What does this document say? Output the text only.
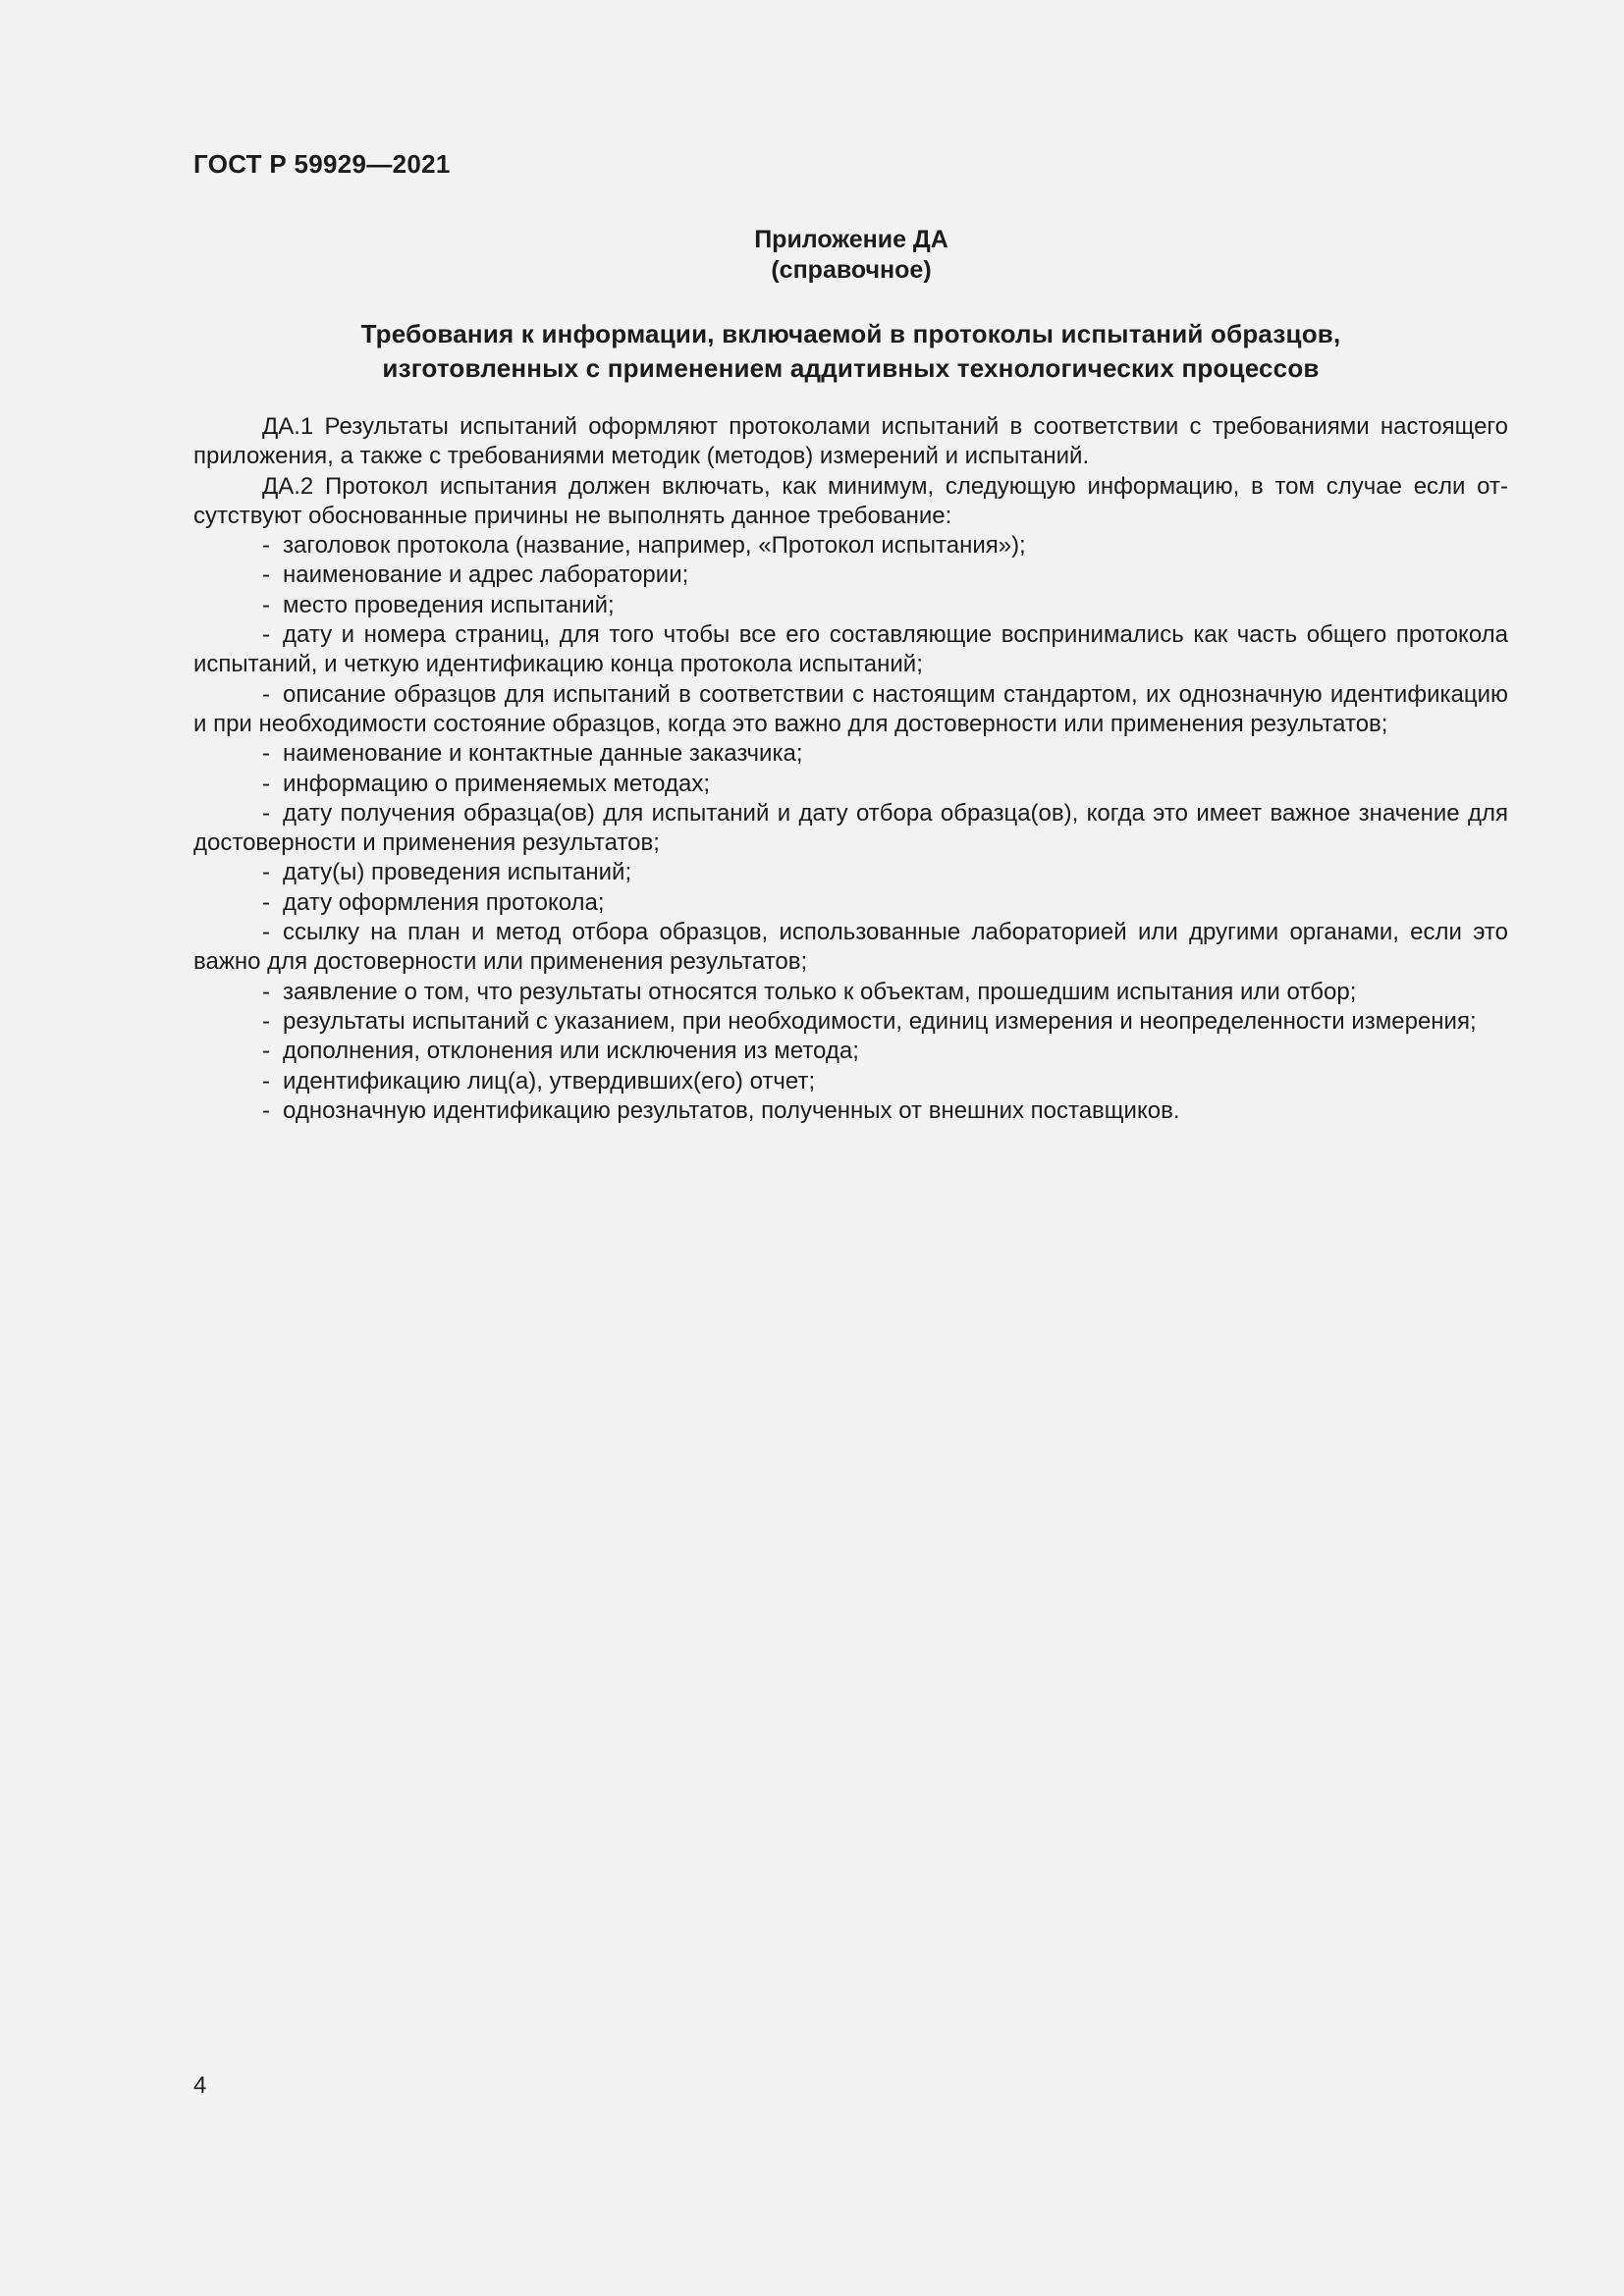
ГОСТ Р 59929—2021
Приложение ДА
(справочное)
Требования к информации, включаемой в протоколы испытаний образцов,
изготовленных с применением аддитивных технологических процессов

ДА.1 Результаты испытаний оформляют протоколами испытаний в соответствии с требованиями настоящего приложения, а также с требованиями методик (методов) измерений и испытаний.

ДА.2 Протокол испытания должен включать, как минимум, следующую информацию, в том случае если отсутствуют обоснованные причины не выполнять данное требование:

- заголовок протокола (название, например, «Протокол испытания»);
- наименование и адрес лаборатории;
- место проведения испытаний;
- дату и номера страниц, для того чтобы все его составляющие воспринимались как часть общего протокола испытаний, и четкую идентификацию конца протокола испытаний;
- описание образцов для испытаний в соответствии с настоящим стандартом, их однозначную идентификацию и при необходимости состояние образцов, когда это важно для достоверности или применения результатов;
- наименование и контактные данные заказчика;
- информацию о применяемых методах;
- дату получения образца(ов) для испытаний и дату отбора образца(ов), когда это имеет важное значение для достоверности и применения результатов;
- дату(ы) проведения испытаний;
- дату оформления протокола;
- ссылку на план и метод отбора образцов, использованные лабораторией или другими органами, если это важно для достоверности или применения результатов;
- заявление о том, что результаты относятся только к объектам, прошедшим испытания или отбор;
- результаты испытаний с указанием, при необходимости, единиц измерения и неопределенности измерения;
- дополнения, отклонения или исключения из метода;
- идентификацию лиц(а), утвердивших(его) отчет;
- однозначную идентификацию результатов, полученных от внешних поставщиков.
4
